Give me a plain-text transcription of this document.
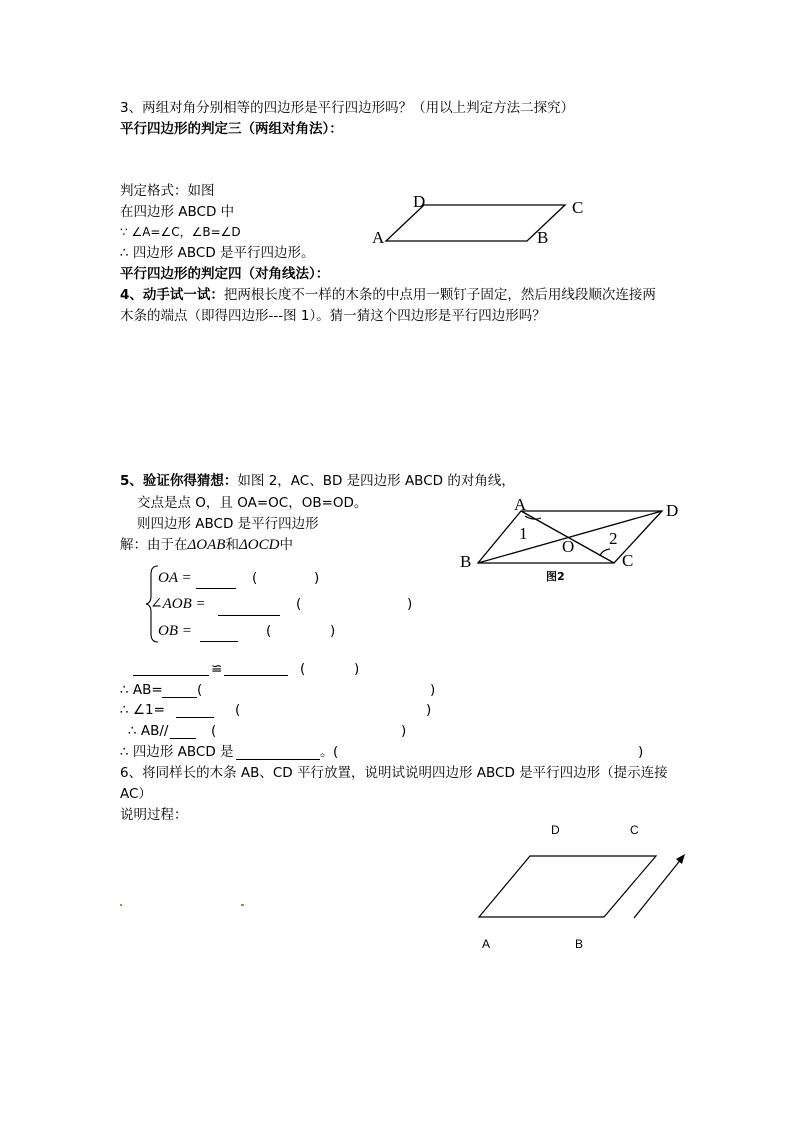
3、两组对角分别相等的四边形是平行四边形吗？（用以上判定方法二探究）
平行四边形的判定三（两组对角法）：
判定格式：如图
在四边形 ABCD 中
∵ ∠A=∠C，∠B=∠D
∴ 四边形 ABCD 是平行四边形。
D	C
A	B
平行四边形的判定四（对角线法）：
4、动手试一试：把两根长度不一样的木条的中点用一颗钉子固定，然后用线段顺次连接两
木条的端点（即得四边形---图 1）。猜一猜这个四边形是平行四边形吗？
5、验证你得猜想：如图 2，AC、BD 是四边形 ABCD 的对角线，
交点是点 O，且 OA=OC，OB=OD。
则四边形 ABCD 是平行四边形
解：由于在ΔOAB和ΔOCD中
A	D
B	C
O
1	2
图2
OA =	(	)
∠AOB =	(	)
OB =	(	)
≌	(	)
∴ AB=	(	)
∴ ∠1=	(	)
∴ AB//	(	)
∴ 四边形 ABCD 是	。 (	)
6、将同样长的木条 AB、CD 平行放置，说明试说明四边形 ABCD 是平行四边形（提示连接
AC）
说明过程：
D	C
A	B
